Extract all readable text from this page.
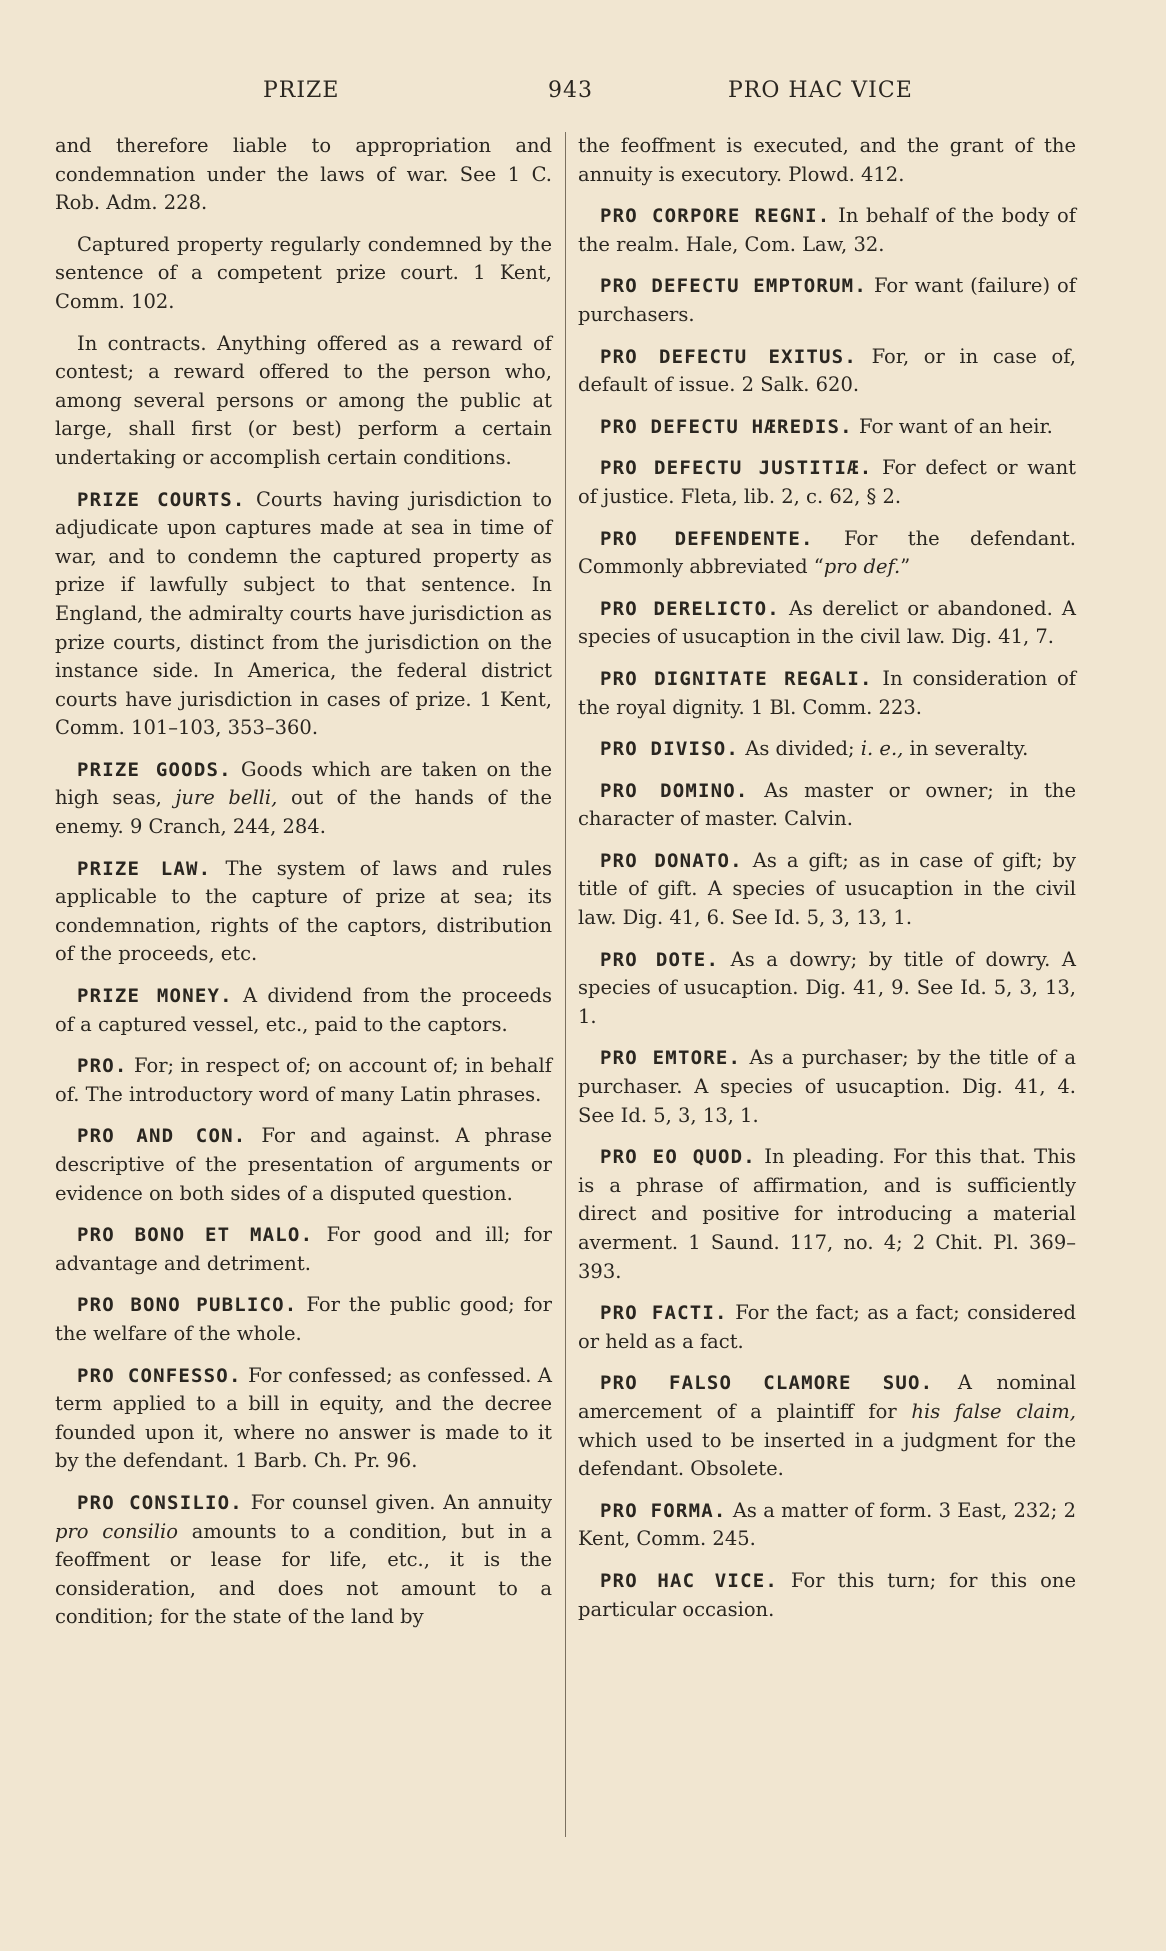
PRIZE	943	PRO HAC VICE

and therefore liable to appropriation and condemnation under the laws of war. See 1 C. Rob. Adm. 228.

Captured property regularly condemned by the sentence of a competent prize court. 1 Kent, Comm. 102.

In contracts. Anything offered as a reward of contest; a reward offered to the person who, among several persons or among the public at large, shall first (or best) perform a certain undertaking or accomplish certain conditions.

PRIZE COURTS. Courts having jurisdiction to adjudicate upon captures made at sea in time of war, and to condemn the captured property as prize if lawfully subject to that sentence. In England, the admiralty courts have jurisdiction as prize courts, distinct from the jurisdiction on the instance side. In America, the federal district courts have jurisdiction in cases of prize. 1 Kent, Comm. 101–103, 353–360.

PRIZE GOODS. Goods which are taken on the high seas, jure belli, out of the hands of the enemy. 9 Cranch, 244, 284.

PRIZE LAW. The system of laws and rules applicable to the capture of prize at sea; its condemnation, rights of the captors, distribution of the proceeds, etc.

PRIZE MONEY. A dividend from the proceeds of a captured vessel, etc., paid to the captors.

PRO. For; in respect of; on account of; in behalf of. The introductory word of many Latin phrases.

PRO AND CON. For and against. A phrase descriptive of the presentation of arguments or evidence on both sides of a disputed question.

PRO BONO ET MALO. For good and ill; for advantage and detriment.

PRO BONO PUBLICO. For the public good; for the welfare of the whole.

PRO CONFESSO. For confessed; as confessed. A term applied to a bill in equity, and the decree founded upon it, where no answer is made to it by the defendant. 1 Barb. Ch. Pr. 96.

PRO CONSILIO. For counsel given. An annuity pro consilio amounts to a condition, but in a feoffment or lease for life, etc., it is the consideration, and does not amount to a condition; for the state of the land by

the feoffment is executed, and the grant of the annuity is executory. Plowd. 412.

PRO CORPORE REGNI. In behalf of the body of the realm. Hale, Com. Law, 32.

PRO DEFECTU EMPTORUM. For want (failure) of purchasers.

PRO DEFECTU EXITUS. For, or in case of, default of issue. 2 Salk. 620.

PRO DEFECTU HÆREDIS. For want of an heir.

PRO DEFECTU JUSTITIÆ. For defect or want of justice. Fleta, lib. 2, c. 62, § 2.

PRO DEFENDENTE. For the defendant. Commonly abbreviated “pro def.”

PRO DERELICTO. As derelict or abandoned. A species of usucaption in the civil law. Dig. 41, 7.

PRO DIGNITATE REGALI. In consideration of the royal dignity. 1 Bl. Comm. 223.

PRO DIVISO. As divided; i. e., in severalty.

PRO DOMINO. As master or owner; in the character of master. Calvin.

PRO DONATO. As a gift; as in case of gift; by title of gift. A species of usucaption in the civil law. Dig. 41, 6. See Id. 5, 3, 13, 1.

PRO DOTE. As a dowry; by title of dowry. A species of usucaption. Dig. 41, 9. See Id. 5, 3, 13, 1.

PRO EMTORE. As a purchaser; by the title of a purchaser. A species of usucaption. Dig. 41, 4. See Id. 5, 3, 13, 1.

PRO EO QUOD. In pleading. For this that. This is a phrase of affirmation, and is sufficiently direct and positive for introducing a material averment. 1 Saund. 117, no. 4; 2 Chit. Pl. 369–393.

PRO FACTI. For the fact; as a fact; considered or held as a fact.

PRO FALSO CLAMORE SUO. A nominal amercement of a plaintiff for his false claim, which used to be inserted in a judgment for the defendant. Obsolete.

PRO FORMA. As a matter of form. 3 East, 232; 2 Kent, Comm. 245.

PRO HAC VICE. For this turn; for this one particular occasion.
